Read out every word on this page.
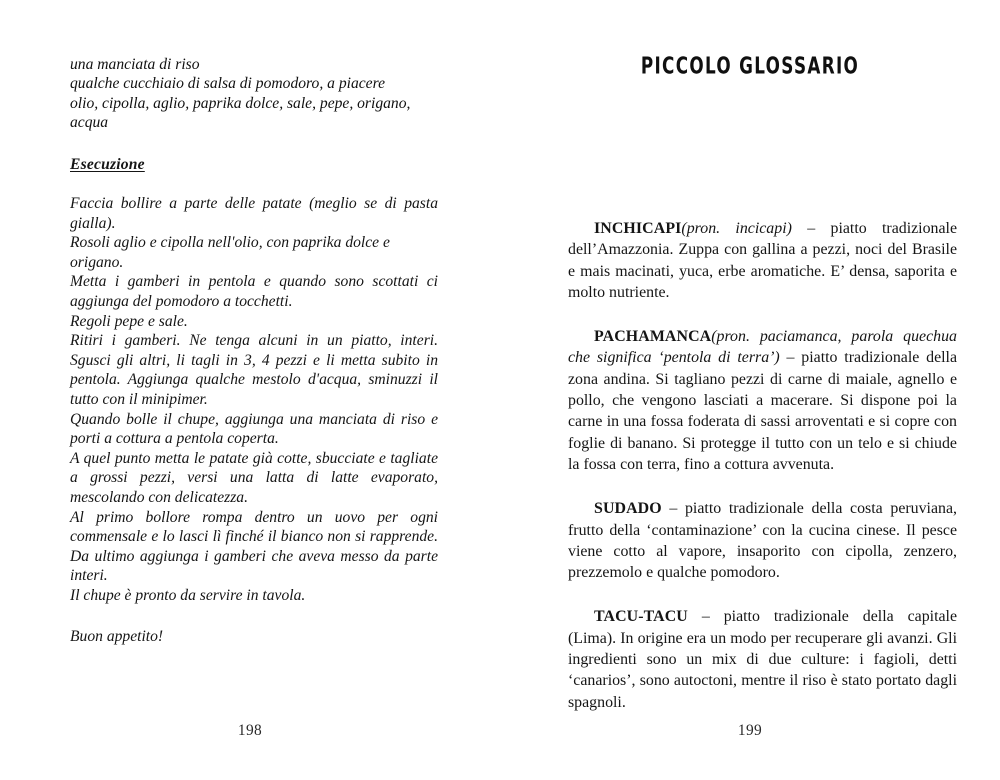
una manciata di riso

qualche cucchiaio di salsa di pomodoro, a piacere

olio, cipolla, aglio, paprika dolce, sale, pepe, origano,

acqua

Esecuzione

Faccia bollire a parte delle patate (meglio se di pasta gialla).

Rosoli aglio e cipolla nell'olio, con paprika dolce e origano.

Metta i gamberi in pentola e quando sono scottati ci aggiunga del pomodoro a tocchetti.

Regoli pepe e sale.

Ritiri i gamberi. Ne tenga alcuni in un piatto, interi. Sgusci gli altri, li tagli in 3, 4 pezzi e li metta subito in pentola. Aggiunga qualche mestolo d'acqua, sminuzzi il tutto con il minipimer.

Quando bolle il chupe, aggiunga una manciata di riso e porti a cottura a pentola coperta.

A quel punto metta le patate già cotte, sbucciate e tagliate a grossi pezzi, versi una latta di latte evaporato, mescolando con delicatezza.

Al primo bollore rompa dentro un uovo per ogni commensale e lo lasci lì finché il bianco non si rapprende. Da ultimo aggiunga i gamberi che aveva messo da parte interi.

Il chupe è pronto da servire in tavola.

Buon appetito!

PICCOLO GLOSSARIO

INCHICAPI(pron. incicapi) – piatto tradizionale dell’Amazzonia. Zuppa con gallina a pezzi, noci del Brasile e mais macinati, yuca, erbe aromatiche. E’ densa, saporita e molto nutriente.

PACHAMANCA(pron. paciamanca, parola quechua che significa ‘pentola di terra’) – piatto tradizionale della zona andina. Si tagliano pezzi di carne di maiale, agnello e pollo, che vengono lasciati a macerare. Si dispone poi la carne in una fossa foderata di sassi arroventati e si copre con foglie di banano. Si protegge il tutto con un telo e si chiude la fossa con terra, fino a cottura avvenuta.

SUDADO – piatto tradizionale della costa peruviana, frutto della ‘contaminazione’ con la cucina cinese. Il pesce viene cotto al vapore, insaporito con cipolla, zenzero, prezzemolo e qualche pomodoro.

TACU-TACU – piatto tradizionale della capitale (Lima). In origine era un modo per recuperare gli avanzi. Gli ingredienti sono un mix di due culture: i fagioli, detti ‘canarios’, sono autoctoni, mentre il riso è stato portato dagli spagnoli.

198	199
